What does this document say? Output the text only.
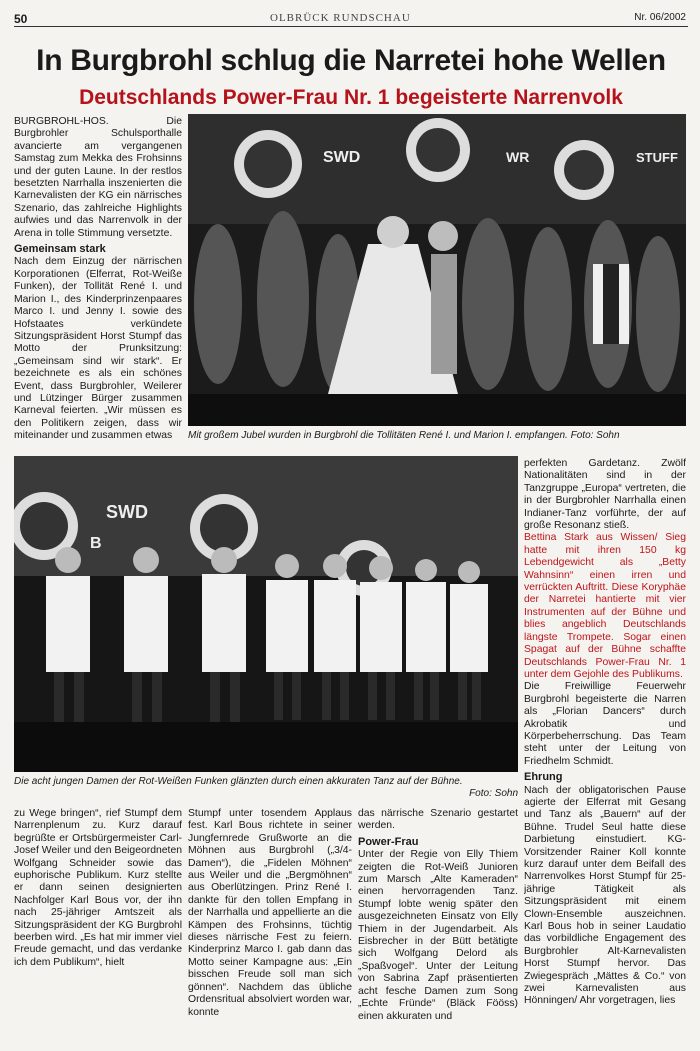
50	OLBRÜCK RUNDSCHAU	Nr. 06/2002
In Burgbrohl schlug die Narretei hohe Wellen
Deutschlands Power-Frau Nr. 1 begeisterte Narrenvolk

BURGBROHL-HOS. Die Burgbrohler Schulsporthalle avancierte am vergangenen Samstag zum Mekka des Frohsinns und der guten Laune. In der restlos besetzten Narrhalla inszenierten die Karnevalisten der KG ein närrisches Szenario, das zahlreiche Highlights aufwies und das Narrenvolk in der Arena in tolle Stimmung versetzte.

Gemeinsam stark

Nach dem Einzug der närrischen Korporationen (Elferrat, Rot-Weiße Funken), der Tollität René I. und Marion I., des Kinderprinzenpaares Marco I. und Jenny I. sowie des Hofstaates verkündete Sitzungspräsident Horst Stumpf das Motto der Prunksitzung: „Gemeinsam sind wir stark“. Er bezeichnete es als ein schönes Event, dass Burgbrohler, Weilerer und Lützinger Bürger zusammen Karneval feierten. „Wir müssen es den Politikern zeigen, dass wir miteinander und zusammen etwas

SWD	WR	STUFF
Mit großem Jubel wurden in Burgbrohl die Tollitäten René I. und Marion I. empfangen. Foto: Sohn
SWD
B
Die acht jungen Damen der Rot-Weißen Funken glänzten durch einen akkuraten Tanz auf der Bühne.
Foto: Sohn

perfekten Gardetanz. Zwölf Nationalitäten sind in der Tanzgruppe „Europa“ vertreten, die in der Burgbrohler Narrhalla einen Indianer-Tanz vorführte, der auf große Resonanz stieß.

Bettina Stark aus Wissen/ Sieg hatte mit ihren 150 kg Lebendgewicht als „Betty Wahnsinn“ einen irren und verrückten Auftritt. Diese Koryphäe der Narretei hantierte mit vier Instrumenten auf der Bühne und blies angeblich Deutschlands längste Trompete. Sogar einen Spagat auf der Bühne schaffte Deutschlands Power-Frau Nr. 1 unter dem Gejohle des Publikums.

Die Freiwillige Feuerwehr Burgbrohl begeisterte die Narren als „Florian Dancers“ durch Akrobatik und Körperbeherrschung. Das Team steht unter der Leitung von Friedhelm Schmidt.

Ehrung

Nach der obligatorischen Pause agierte der Elferrat mit Gesang und Tanz als „Bauern“ auf der Bühne. Trudel Seul hatte diese Darbietung einstudiert. KG-Vorsitzender Rainer Koll konnte kurz darauf unter dem Beifall des Narrenvolkes Horst Stumpf für 25-jährige Tätigkeit als Sitzungspräsident mit einem Clown-Ensemble auszeichnen. Karl Bous hob in seiner Laudatio das vorbildliche Engagement des Burgbrohler Alt-Karnevalisten Horst Stumpf hervor. Das Zwiegespräch „Mättes & Co.“ von zwei Karnevalisten aus Hönningen/ Ahr vorgetragen, lies

zu Wege bringen“, rief Stumpf dem Narrenplenum zu. Kurz darauf begrüßte er Ortsbürgermeister Carl-Josef Weiler und den Beigeordneten Wolfgang Schneider sowie das euphorische Publikum. Kurz stellte er dann seinen designierten Nachfolger Karl Bous vor, der ihn nach 25-jähriger Amtszeit als Sitzungspräsident der KG Burgbrohl beerben wird. „Es hat mir immer viel Freude gemacht, und das verdanke ich dem Publikum“, hielt

Stumpf unter tosendem Applaus fest. Karl Bous richtete in seiner Jungfernrede Grußworte an die Möhnen aus Burgbrohl („3/4-Damen“), die „Fidelen Möhnen“ aus Weiler und die „Bergmöhnen“ aus Oberlützingen. Prinz René I. dankte für den tollen Empfang in der Narrhalla und appellierte an die Kämpen des Frohsinns, tüchtig dieses närrische Fest zu feiern. Kinderprinz Marco I. gab dann das Motto seiner Kampagne aus: „Ein bisschen Freude soll man sich gönnen“. Nachdem das übliche Ordensritual absolviert worden war, konnte

das närrische Szenario gestartet werden.

Power-Frau

Unter der Regie von Elly Thiem zeigten die Rot-Weiß Junioren zum Marsch „Alte Kameraden“ einen hervorragenden Tanz. Stumpf lobte wenig später den ausgezeichneten Einsatz von Elly Thiem in der Jugendarbeit. Als Eisbrecher in der Bütt betätigte sich Wolfgang Delord als „Spaßvogel“. Unter der Leitung von Sabrina Zapf präsentierten acht fesche Damen zum Song „Echte Fründe“ (Bläck Fööss) einen akkuraten und
